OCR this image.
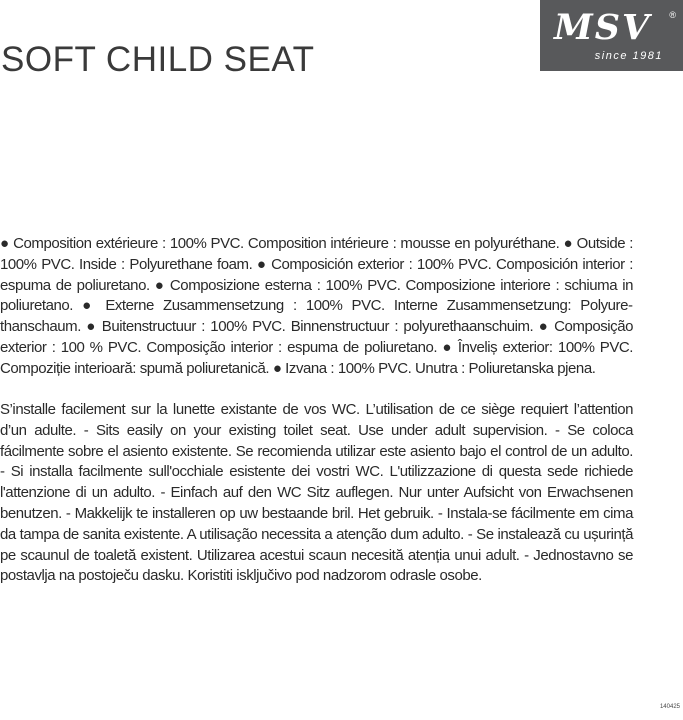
MSV ®
since 1981
SOFT CHILD SEAT

● Composition extérieure : 100% PVC. Composition intérieure : mousse en polyuréthane. ● Outside : 100% PVC. Inside : Polyurethane foam. ● Composición exterior : 100% PVC. Composición interior : espuma de poliuretano. ● Composizione esterna : 100% PVC. Composizione interiore : schiuma in poliuretano. ● Externe Zusammensetzung : 100% PVC. Interne Zusammensetzung: Polyurethanschaum. ● Buitenstructuur : 100% PVC. Binnenstructuur : polyurethaanschuim. ● Composição exterior : 100 % PVC. Composição interior : espuma de poliuretano. ● Înveliș exterior: 100% PVC. Compoziție interioară: spumă poliuretanică. ● Izvana : 100% PVC. Unutra : Poliuretanska pjena.

S’installe facilement sur la lunette existante de vos WC. L’utilisation de ce siège requiert l’attention d’un adulte. - Sits easily on your existing toilet seat. Use under adult supervision. - Se coloca fácilmente sobre el asiento existente. Se recomienda utilizar este asiento bajo el control de un adulto. - Si installa facilmente sull'occhiale esistente dei vostri WC. L'utilizzazione di questa sede richiede l'attenzione di un adulto. - Einfach auf den WC Sitz auflegen. Nur unter Aufsicht von Erwachsenen benutzen. - Makkelijk te installeren op uw bestaande bril. Het gebruik. - Instala-se fácilmente em cima da tampa de sanita existente. A utilisação necessita a atenção dum adulto. - Se instalează cu ușurință pe scaunul de toaletă existent. Utilizarea acestui scaun necesită atenția unui adult. - Jednostavno se postavlja na postoječu dasku. Koristiti isključivo pod nadzorom odrasle osobe.

140425
